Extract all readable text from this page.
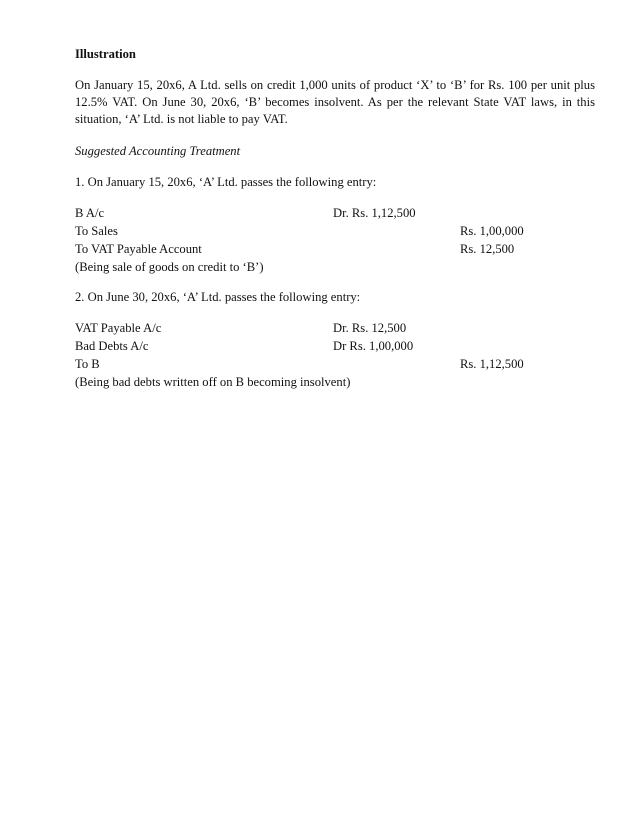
Illustration
On January 15, 20x6, A Ltd. sells on credit 1,000 units of product ‘X’ to ‘B’ for Rs. 100 per unit plus 12.5% VAT. On June 30, 20x6, ‘B’ becomes insolvent. As per the relevant State VAT laws, in this situation, ‘A’ Ltd. is not liable to pay VAT.
Suggested Accounting Treatment
1. On January 15, 20x6, ‘A’ Ltd. passes the following entry:
B A/c	Dr. Rs. 1,12,500
To Sales	Rs. 1,00,000
To VAT Payable Account	Rs. 12,500
(Being sale of goods on credit to ‘B’)
2. On June 30, 20x6, ‘A’ Ltd. passes the following entry:
VAT Payable A/c	Dr. Rs. 12,500
Bad Debts A/c	Dr Rs. 1,00,000
To B	Rs. 1,12,500
(Being bad debts written off on B becoming insolvent)
